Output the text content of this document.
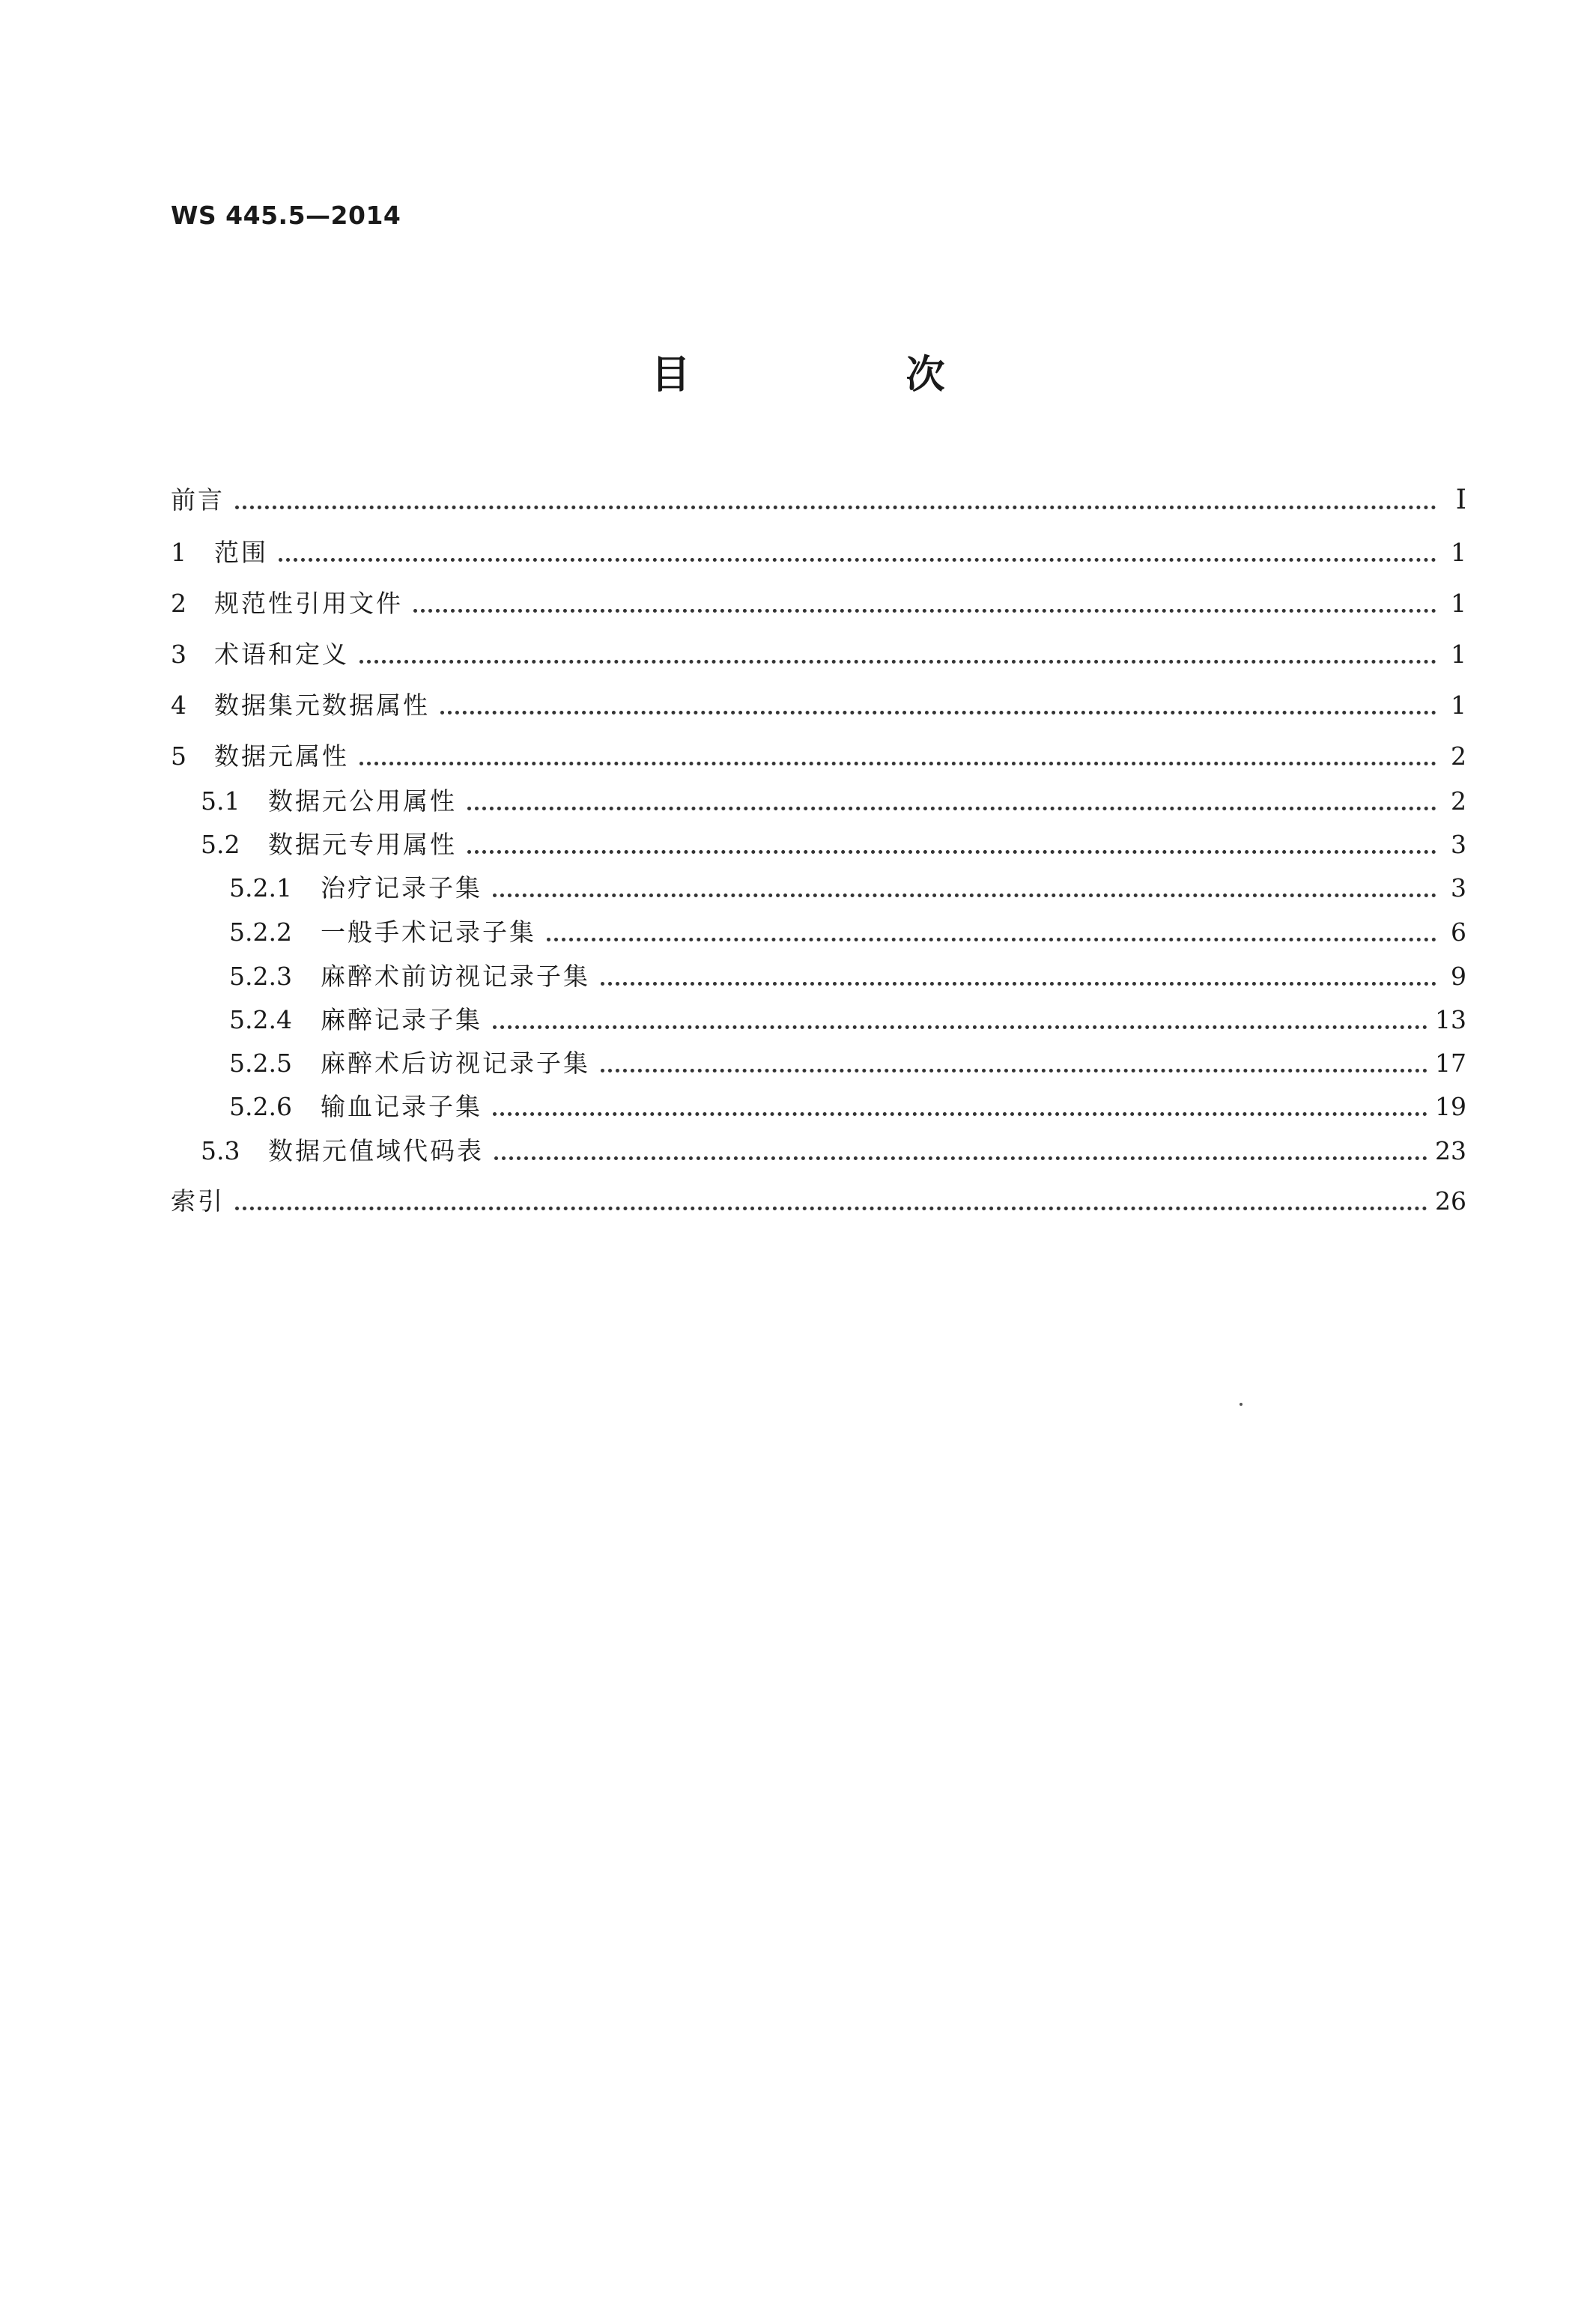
WS 445.5—2014
目　次
前言	I
1	范围	1
2	规范性引用文件	1
3	术语和定义	1
4	数据集元数据属性	1
5	数据元属性	2
5.1	数据元公用属性	2
5.2	数据元专用属性	3
5.2.1	治疗记录子集	3
5.2.2	一般手术记录子集	6
5.2.3	麻醉术前访视记录子集	9
5.2.4	麻醉记录子集	13
5.2.5	麻醉术后访视记录子集	17
5.2.6	输血记录子集	19
5.3	数据元值域代码表	23
索引	26
